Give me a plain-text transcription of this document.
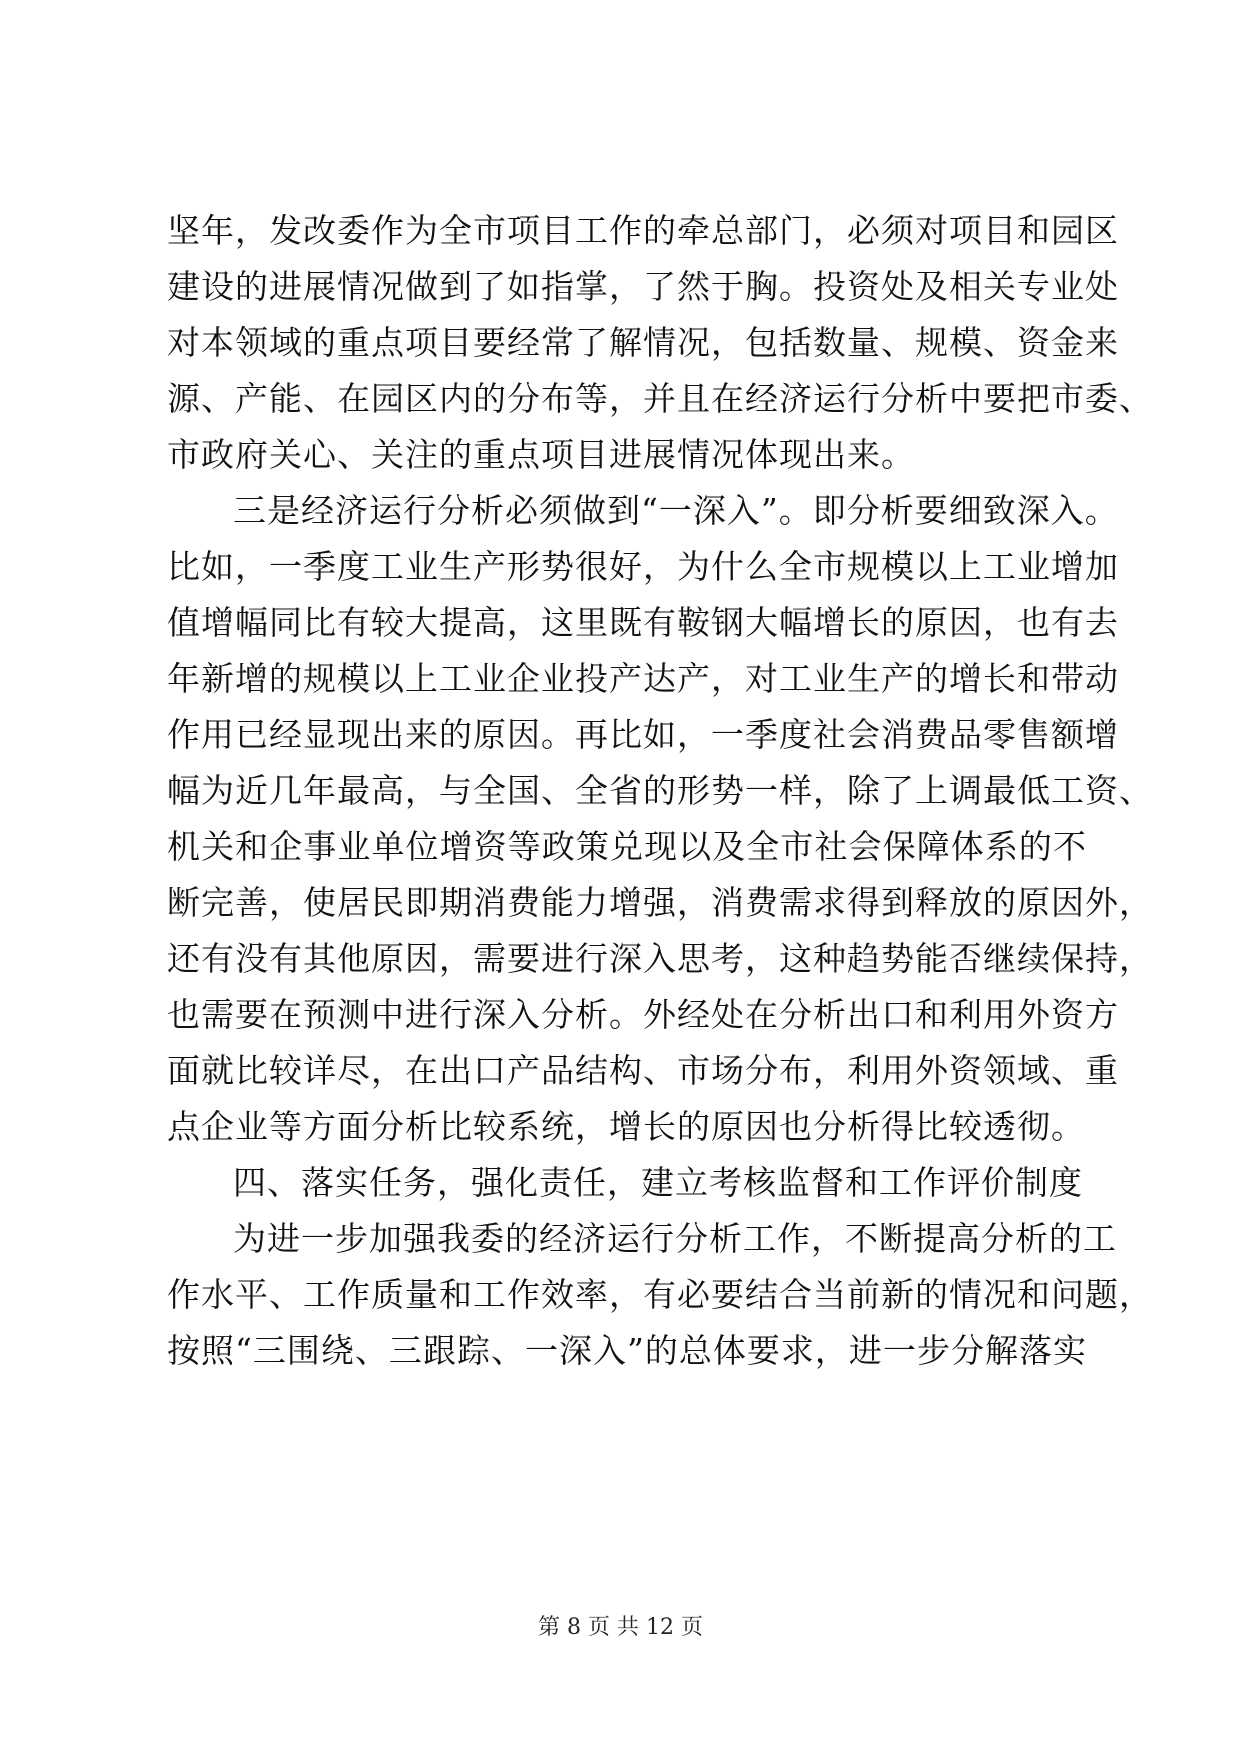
坚年，发改委作为全市项目工作的牵总部门，必须对项目和园区
建设的进展情况做到了如指掌，了然于胸。投资处及相关专业处
对本领域的重点项目要经常了解情况，包括数量、规模、资金来
源、产能、在园区内的分布等，并且在经济运行分析中要把市委、
市政府关心、关注的重点项目进展情况体现出来。
三是经济运行分析必须做到“一深入”。即分析要细致深入。
比如，一季度工业生产形势很好，为什么全市规模以上工业增加
值增幅同比有较大提高，这里既有鞍钢大幅增长的原因，也有去
年新增的规模以上工业企业投产达产，对工业生产的增长和带动
作用已经显现出来的原因。再比如，一季度社会消费品零售额增
幅为近几年最高，与全国、全省的形势一样，除了上调最低工资、
机关和企事业单位增资等政策兑现以及全市社会保障体系的不
断完善，使居民即期消费能力增强，消费需求得到释放的原因外，
还有没有其他原因，需要进行深入思考，这种趋势能否继续保持，
也需要在预测中进行深入分析。外经处在分析出口和利用外资方
面就比较详尽，在出口产品结构、市场分布，利用外资领域、重
点企业等方面分析比较系统，增长的原因也分析得比较透彻。
四、落实任务，强化责任，建立考核监督和工作评价制度
为进一步加强我委的经济运行分析工作，不断提高分析的工
作水平、工作质量和工作效率，有必要结合当前新的情况和问题，
按照“三围绕、三跟踪、一深入”的总体要求，进一步分解落实
第 8 页 共 12 页
